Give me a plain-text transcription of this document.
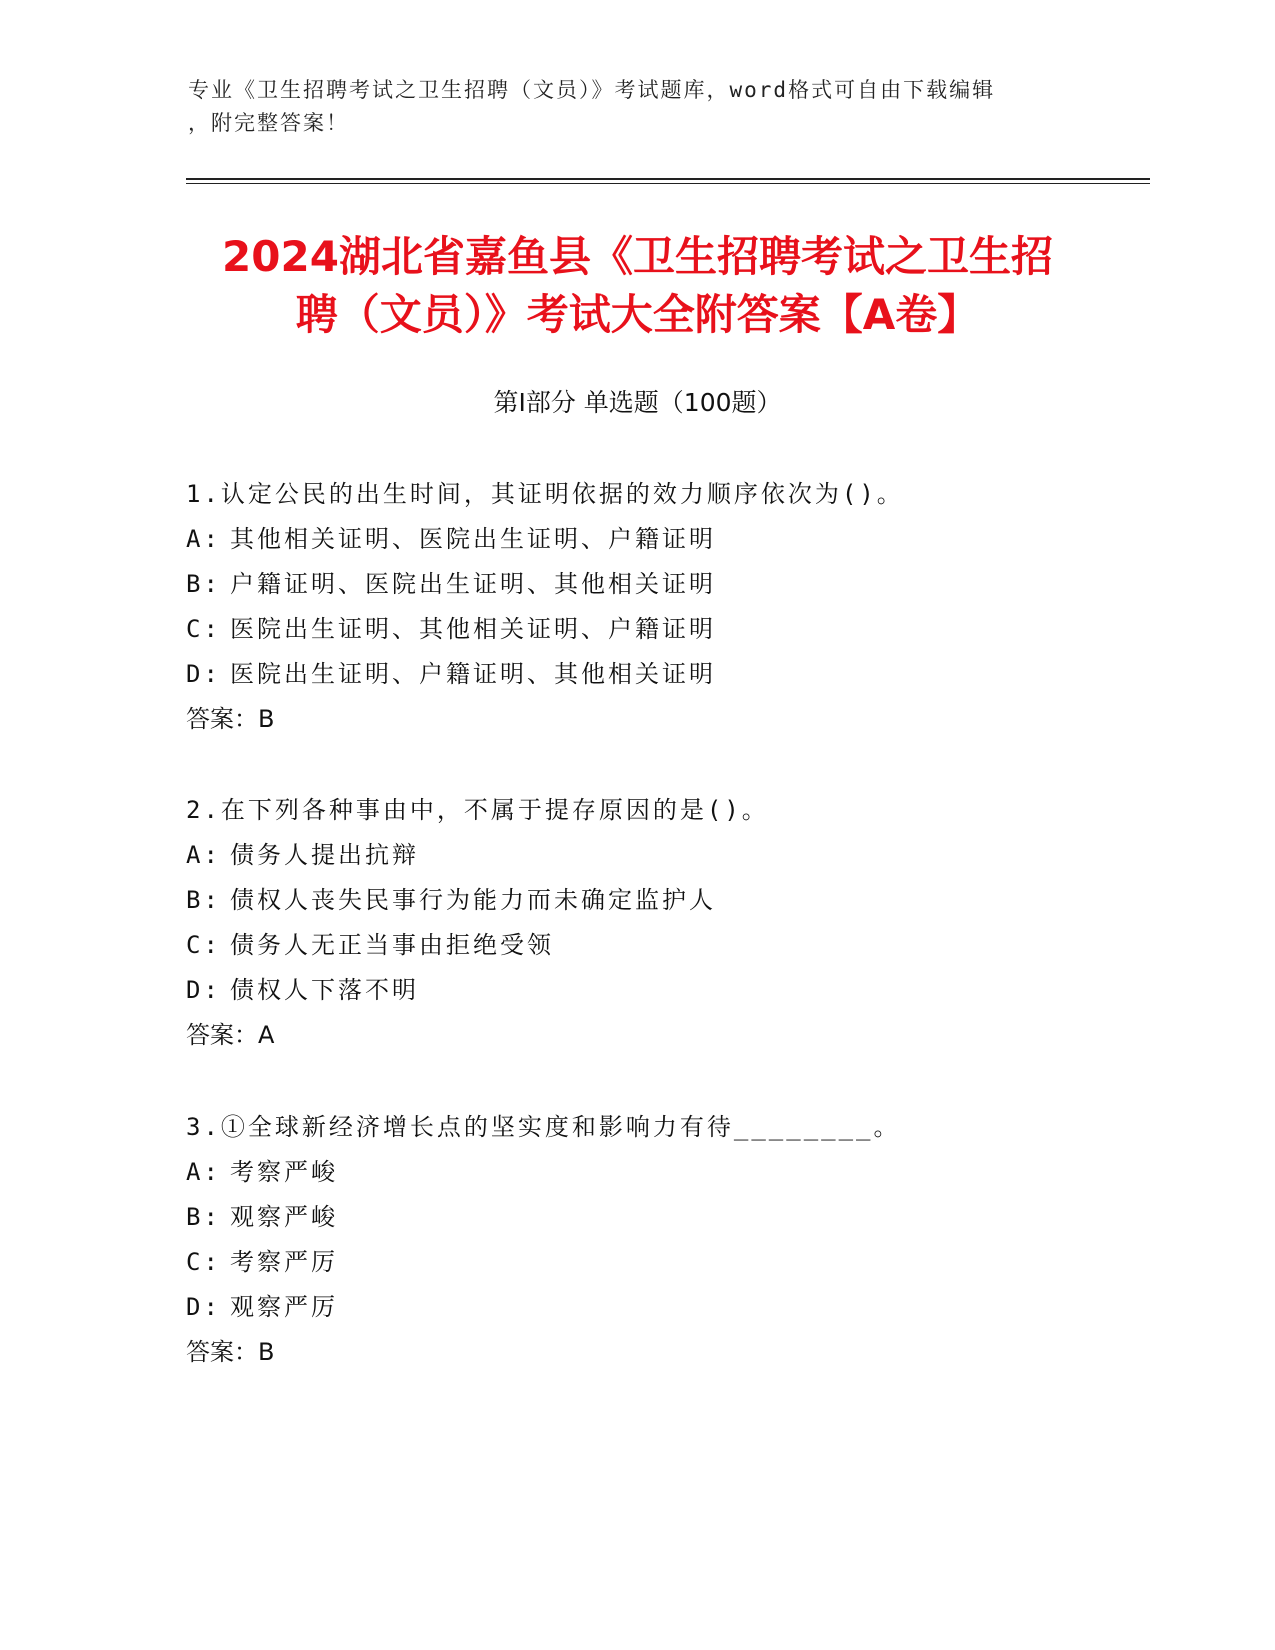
专业《卫生招聘考试之卫生招聘（文员）》考试题库，word格式可自由下载编辑
，附完整答案！
2024湖北省嘉鱼县《卫生招聘考试之卫生招
聘（文员）》考试大全附答案【A卷】
第Ⅰ部分 单选题（100题）
1.认定公民的出生时间，其证明依据的效力顺序依次为()。
A: 其他相关证明、医院出生证明、户籍证明
B: 户籍证明、医院出生证明、其他相关证明
C: 医院出生证明、其他相关证明、户籍证明
D: 医院出生证明、户籍证明、其他相关证明
答案：B
2.在下列各种事由中，不属于提存原因的是()。
A: 债务人提出抗辩
B: 债权人丧失民事行为能力而未确定监护人
C: 债务人无正当事由拒绝受领
D: 债权人下落不明
答案：A
3.①全球新经济增长点的坚实度和影响力有待________。
A: 考察严峻
B: 观察严峻
C: 考察严厉
D: 观察严厉
答案：B
